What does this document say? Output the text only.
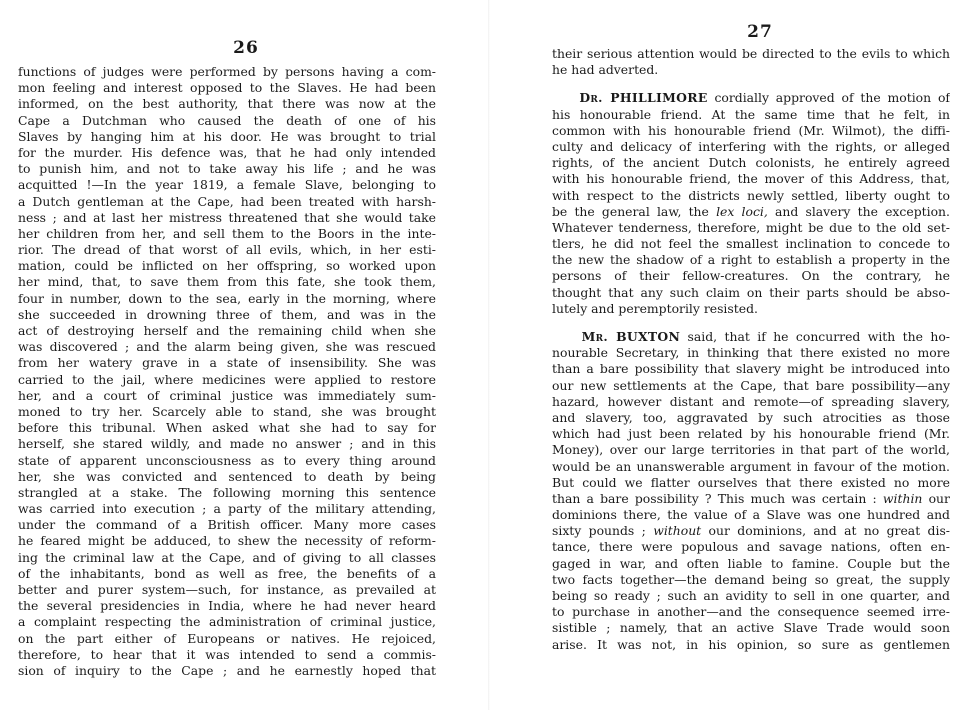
26
functions of judges were performed by persons having a com-
mon feeling and interest opposed to the Slaves. He had been
informed, on the best authority, that there was now at the
Cape a Dutchman who caused the death of one of his
Slaves by hanging him at his door. He was brought to trial
for the murder. His defence was, that he had only intended
to punish him, and not to take away his life ; and he was
acquitted !—In the year 1819, a female Slave, belonging to
a Dutch gentleman at the Cape, had been treated with harsh-
ness ; and at last her mistress threatened that she would take
her children from her, and sell them to the Boors in the inte-
rior. The dread of that worst of all evils, which, in her esti-
mation, could be inflicted on her offspring, so worked upon
her mind, that, to save them from this fate, she took them,
four in number, down to the sea, early in the morning, where
she succeeded in drowning three of them, and was in the
act of destroying herself and the remaining child when she
was discovered ; and the alarm being given, she was rescued
from her watery grave in a state of insensibility. She was
carried to the jail, where medicines were applied to restore
her, and a court of criminal justice was immediately sum-
moned to try her. Scarcely able to stand, she was brought
before this tribunal. When asked what she had to say for
herself, she stared wildly, and made no answer ; and in this
state of apparent unconsciousness as to every thing around
her, she was convicted and sentenced to death by being
strangled at a stake. The following morning this sentence
was carried into execution ; a party of the military attending,
under the command of a British officer. Many more cases
he feared might be adduced, to shew the necessity of reform-
ing the criminal law at the Cape, and of giving to all classes
of the inhabitants, bond as well as free, the benefits of a
better and purer system—such, for instance, as prevailed at
the several presidencies in India, where he had never heard
a complaint respecting the administration of criminal justice,
on the part either of Europeans or natives. He rejoiced,
therefore, to hear that it was intended to send a commis-
sion of inquiry to the Cape ; and he earnestly hoped that
27
their serious attention would be directed to the evils to which
he had adverted.
Dr. PHILLIMORE cordially approved of the motion of
his honourable friend. At the same time that he felt, in
common with his honourable friend (Mr. Wilmot), the diffi-
culty and delicacy of interfering with the rights, or alleged
rights, of the ancient Dutch colonists, he entirely agreed
with his honourable friend, the mover of this Address, that,
with respect to the districts newly settled, liberty ought to
be the general law, the lex loci, and slavery the exception.
Whatever tenderness, therefore, might be due to the old set-
tlers, he did not feel the smallest inclination to concede to
the new the shadow of a right to establish a property in the
persons of their fellow-creatures. On the contrary, he
thought that any such claim on their parts should be abso-
lutely and peremptorily resisted.
Mr. BUXTON said, that if he concurred with the ho-
nourable Secretary, in thinking that there existed no more
than a bare possibility that slavery might be introduced into
our new settlements at the Cape, that bare possibility—any
hazard, however distant and remote—of spreading slavery,
and slavery, too, aggravated by such atrocities as those
which had just been related by his honourable friend (Mr.
Money), over our large territories in that part of the world,
would be an unanswerable argument in favour of the motion.
But could we flatter ourselves that there existed no more
than a bare possibility ? This much was certain : within our
dominions there, the value of a Slave was one hundred and
sixty pounds ; without our dominions, and at no great dis-
tance, there were populous and savage nations, often en-
gaged in war, and often liable to famine. Couple but the
two facts together—the demand being so great, the supply
being so ready ; such an avidity to sell in one quarter, and
to purchase in another—and the consequence seemed irre-
sistible ; namely, that an active Slave Trade would soon
arise. It was not, in his opinion, so sure as gentlemen
